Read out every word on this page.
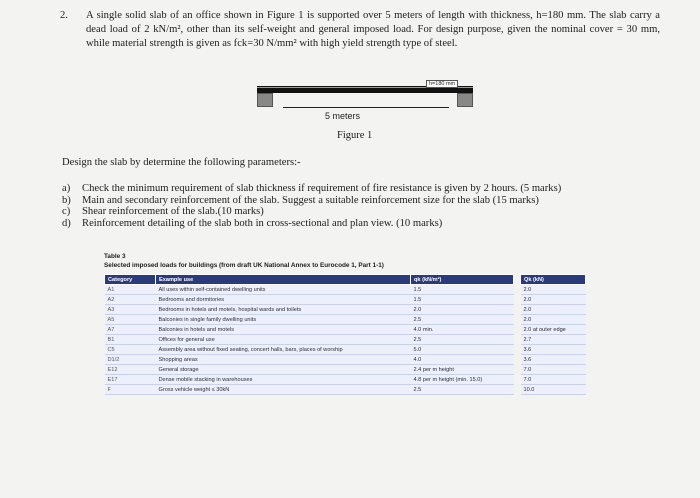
2. A single solid slab of an office shown in Figure 1 is supported over 5 meters of length with thickness, h=180 mm. The slab carry a dead load of 2 kN/m², other than its self-weight and general imposed load. For design purpose, given the nominal cover = 30 mm, while material strength is given as fck=30 N/mm² with high yield strength type of steel.
h=180 mm
5 meters
Figure 1
Design the slab by determine the following parameters:-
a) Check the minimum requirement of slab thickness if requirement of fire resistance is given by 2 hours. (5 marks)
b) Main and secondary reinforcement of the slab. Suggest a suitable reinforcement size for the slab (15 marks)
c) Shear reinforcement of the slab.(10 marks)
d) Reinforcement detailing of the slab both in cross-sectional and plan view. (10 marks)
Table 3
Selected imposed loads for buildings (from draft UK National Annex to Eurocode 1, Part 1-1)
Category	Example use	qk (kN/m²)		Qk (kN)
A1	All uses within self-contained dwelling units	1.5		2.0
A2	Bedrooms and dormitories	1.5		2.0
A3	Bedrooms in hotels and motels, hospital wards and toilets	2.0		2.0
A5	Balconies in single family dwelling units	2.5		2.0
A7	Balconies in hotels and motels	4.0 min.		2.0 at outer edge
B1	Offices for general use	2.5		2.7
C5	Assembly area without fixed seating, concert halls, bars, places of worship	5.0		3.6
D1/2	Shopping areas	4.0		3.6
E12	General storage	2.4 per m height		7.0
E17	Dense mobile stacking in warehouses	4.8 per m height (min. 15.0)		7.0
F	Gross vehicle weight ≤ 30kN	2.5		10.0
